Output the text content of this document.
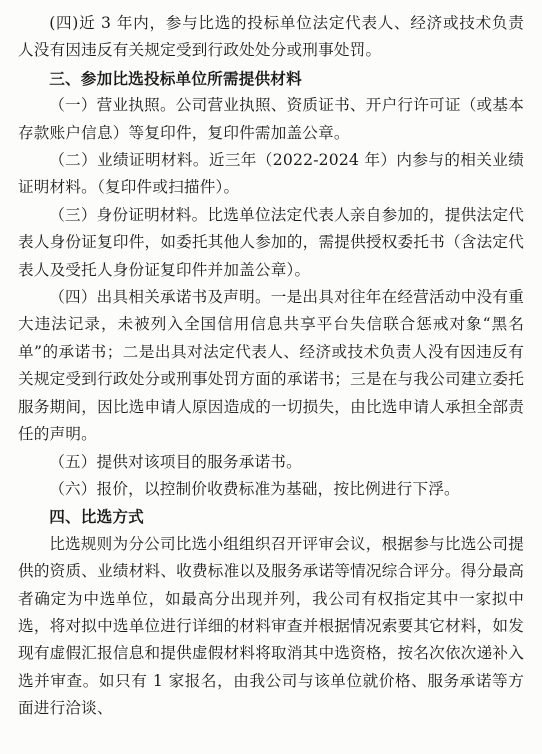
(四)近 3 年内，参与比选的投标单位法定代表人、经济或技术负责人没有因违反有关规定受到行政处处分或刑事处罚。

三、参加比选投标单位所需提供材料

（一）营业执照。公司营业执照、资质证书、开户行许可证（或基本存款账户信息）等复印件，复印件需加盖公章。

（二）业绩证明材料。近三年（2022-2024 年）内参与的相关业绩证明材料。（复印件或扫描件）。

（三）身份证明材料。比选单位法定代表人亲自参加的，提供法定代表人身份证复印件，如委托其他人参加的，需提供授权委托书（含法定代表人及受托人身份证复印件并加盖公章）。

（四）出具相关承诺书及声明。一是出具对往年在经营活动中没有重大违法记录，未被列入全国信用信息共享平台失信联合惩戒对象“黑名单”的承诺书；二是出具对法定代表人、经济或技术负责人没有因违反有关规定受到行政处分或刑事处罚方面的承诺书；三是在与我公司建立委托服务期间，因比选申请人原因造成的一切损失，由比选申请人承担全部责任的声明。

（五）提供对该项目的服务承诺书。

（六）报价，以控制价收费标准为基础，按比例进行下浮。

四、比选方式

比选规则为分公司比选小组组织召开评审会议，根据参与比选公司提供的资质、业绩材料、收费标准以及服务承诺等情况综合评分。得分最高者确定为中选单位，如最高分出现并列，我公司有权指定其中一家拟中选，将对拟中选单位进行详细的材料审查并根据情况索要其它材料，如发现有虚假汇报信息和提供虚假材料将取消其中选资格，按名次依次递补入选并审查。如只有 1 家报名，由我公司与该单位就价格、服务承诺等方面进行洽谈、
